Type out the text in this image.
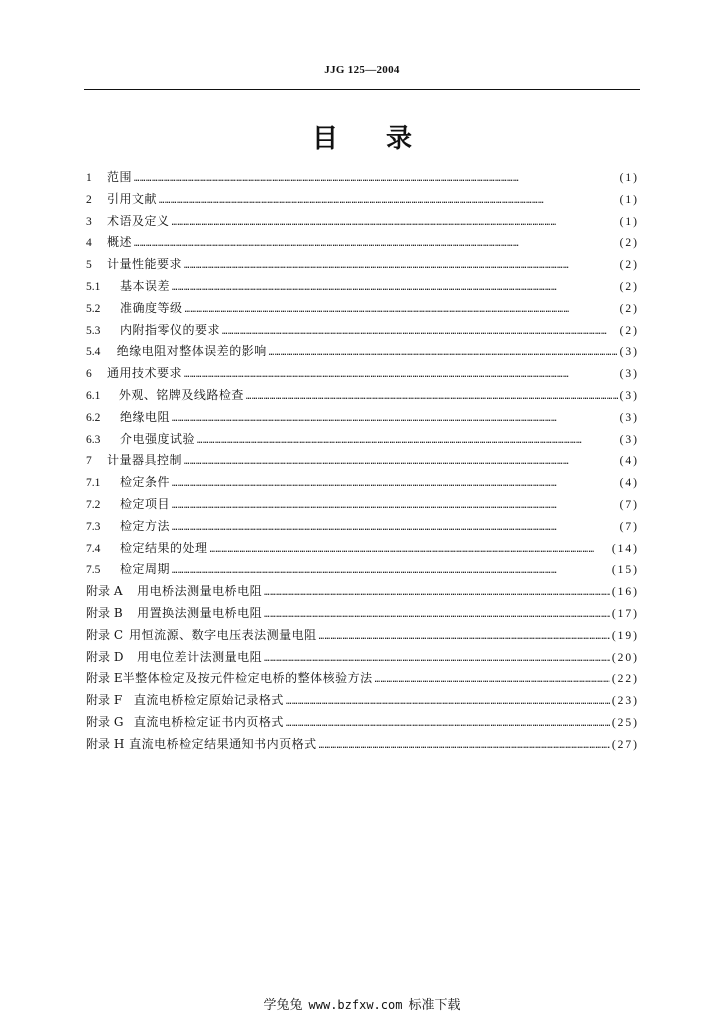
JJG 125—2004
目 录
1	范围 …………………………………………………………………………………………………………………………………………………………………………	(1)
2	引用文献 …………………………………………………………………………………………………………………………………………………………………………	(1)
3	术语及定义 …………………………………………………………………………………………………………………………………………………………………………	(1)
4	概述 …………………………………………………………………………………………………………………………………………………………………………	(2)
5	计量性能要求 …………………………………………………………………………………………………………………………………………………………………………	(2)
5.1	基本误差 …………………………………………………………………………………………………………………………………………………………………………	(2)
5.2	准确度等级 …………………………………………………………………………………………………………………………………………………………………………	(2)
5.3	内附指零仪的要求 …………………………………………………………………………………………………………………………………………………………………………	(2)
5.4	绝缘电阻对整体误差的影响 …………………………………………………………………………………………………………………………………………………………………………	(3)
6	通用技术要求 …………………………………………………………………………………………………………………………………………………………………………	(3)
6.1	外观、铭牌及线路检查 …………………………………………………………………………………………………………………………………………………………………………	(3)
6.2	绝缘电阻 …………………………………………………………………………………………………………………………………………………………………………	(3)
6.3	介电强度试验 …………………………………………………………………………………………………………………………………………………………………………	(3)
7	计量器具控制 …………………………………………………………………………………………………………………………………………………………………………	(4)
7.1	检定条件 …………………………………………………………………………………………………………………………………………………………………………	(4)
7.2	检定项目 …………………………………………………………………………………………………………………………………………………………………………	(7)
7.3	检定方法 …………………………………………………………………………………………………………………………………………………………………………	(7)
7.4	检定结果的处理 …………………………………………………………………………………………………………………………………………………………………………	(14)
7.5	检定周期 …………………………………………………………………………………………………………………………………………………………………………	(15)
附录 A	用电桥法测量电桥电阻 …………………………………………………………………………………………………………………………………………………………………………	(16)
附录 B	用置换法测量电桥电阻 …………………………………………………………………………………………………………………………………………………………………………	(17)
附录 C 用恒流源、数字电压表法测量电阻 …………………………………………………………………………………………………………………………………………………………………………	(19)
附录 D	用电位差计法测量电阻 …………………………………………………………………………………………………………………………………………………………………………	(20)
附录 E 半整体检定及按元件检定电桥的整体核验方法 …………………………………………………………………………………………………………………………………………………………………………	(22)
附录 F 直流电桥检定原始记录格式 …………………………………………………………………………………………………………………………………………………………………………	(23)
附录 G 直流电桥检定证书内页格式 …………………………………………………………………………………………………………………………………………………………………………	(25)
附录 H 直流电桥检定结果通知书内页格式 …………………………………………………………………………………………………………………………………………………………………………	(27)
学兔兔 www.bzfxw.com 标准下载
